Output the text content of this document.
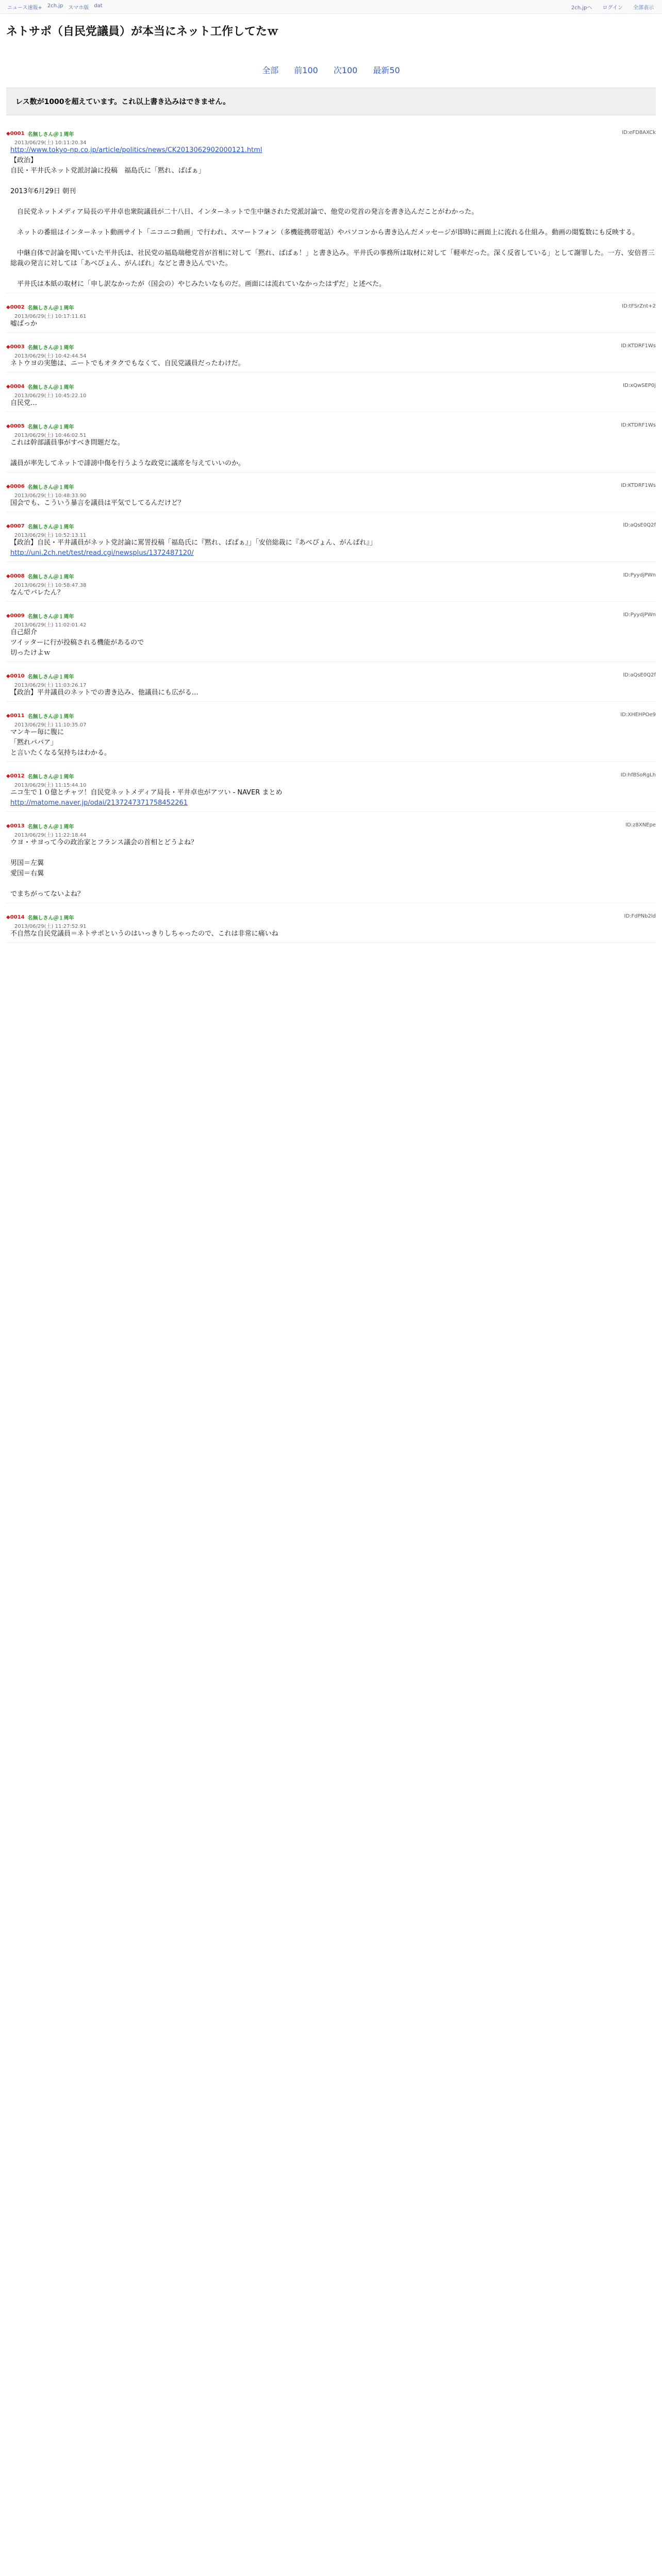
ニュース速報+ 2ch.jp スマホ版 dat	2ch.jpへ ログイン 全部表示
ネトサポ（自民党議員）が本当にネット工作してたｗ
全部 前100 次100 最新50
レス数が1000を超えています。これ以上書き込みはできません。
◆0001 名無しさん＠１周年	ID:eFD8AXCk
2013/06/29(土) 10:11:20.34
http://www.tokyo-np.co.jp/article/politics/news/CK2013062902000121.html
【政治】
自民・平井氏ネット党派討論に投稿　福島氏に「黙れ、ばばぁ」

2013年6月29日 朝刊

　自民党ネットメディア局長の平井卓也衆院議員が二十八日、インターネットで生中継された党派討論で、他党の党首の発言を書き込んだことがわかった。

　ネットの番組はインターネット動画サイト「ニコニコ動画」で行われ、スマートフォン（多機能携帯電話）やパソコンから書き込んだメッセージが即時に画面上に流れる仕組み。動画の閲覧数にも反映する。

　中継自体で討論を聞いていた平井氏は、社民党の福島瑞穂党首が首相に対して「黙れ、ばばぁ！」と書き込み。平井氏の事務所は取材に対して「軽率だった。深く反省している」として謝罪した。一方、安倍晋三総裁の発言に対しては「あべぴょん、がんばれ」などと書き込んでいた。

　平井氏は本紙の取材に「申し訳なかったが（国会の）やじみたいなものだ。画面には流れていなかったはずだ」と述べた。
◆0002 名無しさん＠１周年	ID:tFSrZnt+2
2013/06/29(土) 10:17:11.61
嘘ばっか
◆0003 名無しさん＠１周年	ID:KTDRF1Ws
2013/06/29(土) 10:42:44.54
ネトウヨの実態は、ニートでもオタクでもなくて、自民党議員だったわけだ。
◆0004 名無しさん＠１周年	ID:xQwSEP0j
2013/06/29(土) 10:45:22.10
自民党…
◆0005 名無しさん＠１周年	ID:KTDRF1Ws
2013/06/29(土) 10:46:02.51
これは幹部議員事がすべき問題だな。

議員が率先してネットで誹謗中傷を行うような政党に議席を与えていいのか。
◆0006 名無しさん＠１周年	ID:KTDRF1Ws
2013/06/29(土) 10:48:33.90
国会でも、こういう暴言を議員は平気でしてるんだけど？
◆0007 名無しさん＠１周年	ID:aQsE0Q2f
2013/06/29(土) 10:52:13.11
【政治】自民・平井議員がネット党討論に罵詈投稿「福島氏に『黙れ、ばばぁ』」「安倍総裁に『あべぴょん、がんばれ』」
http://uni.2ch.net/test/read.cgi/newsplus/1372487120/
◆0008 名無しさん＠１周年	ID:PyydjPWn
2013/06/29(土) 10:58:47.38
なんでバレたん？
◆0009 名無しさん＠１周年	ID:PyydjPWn
2013/06/29(土) 11:02:01.42
自己紹介
ツイッターに行が投稿される機能があるので
切ったけよｗ
◆0010 名無しさん＠１周年	ID:aQsE0Q2f
2013/06/29(土) 11:03:26.17
【政治】平井議員のネットでの書き込み、他議員にも広がる…
◆0011 名無しさん＠１周年	ID:XHEHPOe9
2013/06/29(土) 11:10:35.07
マンキー毎に腹に
「黙れババア」
と言いたくなる気持ちはわかる。
◆0012 名無しさん＠１周年	ID:hfBSoRgLh
2013/06/29(土) 11:15:44.10
ニコ生で１０億とチャツ！自民党ネットメディア局長・平井卓也がアツい - NAVER まとめ
http://matome.naver.jp/odai/2137247371758452261
◆0013 名無しさん＠１周年	ID:z8XNEpe
2013/06/29(土) 11:22:18.44
ウヨ・サヨって今の政治家とフランス議会の首相とどうよね？

男国＝左翼
愛国＝右翼

でまちがってないよね？
◆0014 名無しさん＠１周年	ID:FdPNb2ld
2013/06/29(土) 11:27:52.91
不自然な自民党議員＝ネトサポというのはいっきりしちゃったので、これは非常に痛いね
